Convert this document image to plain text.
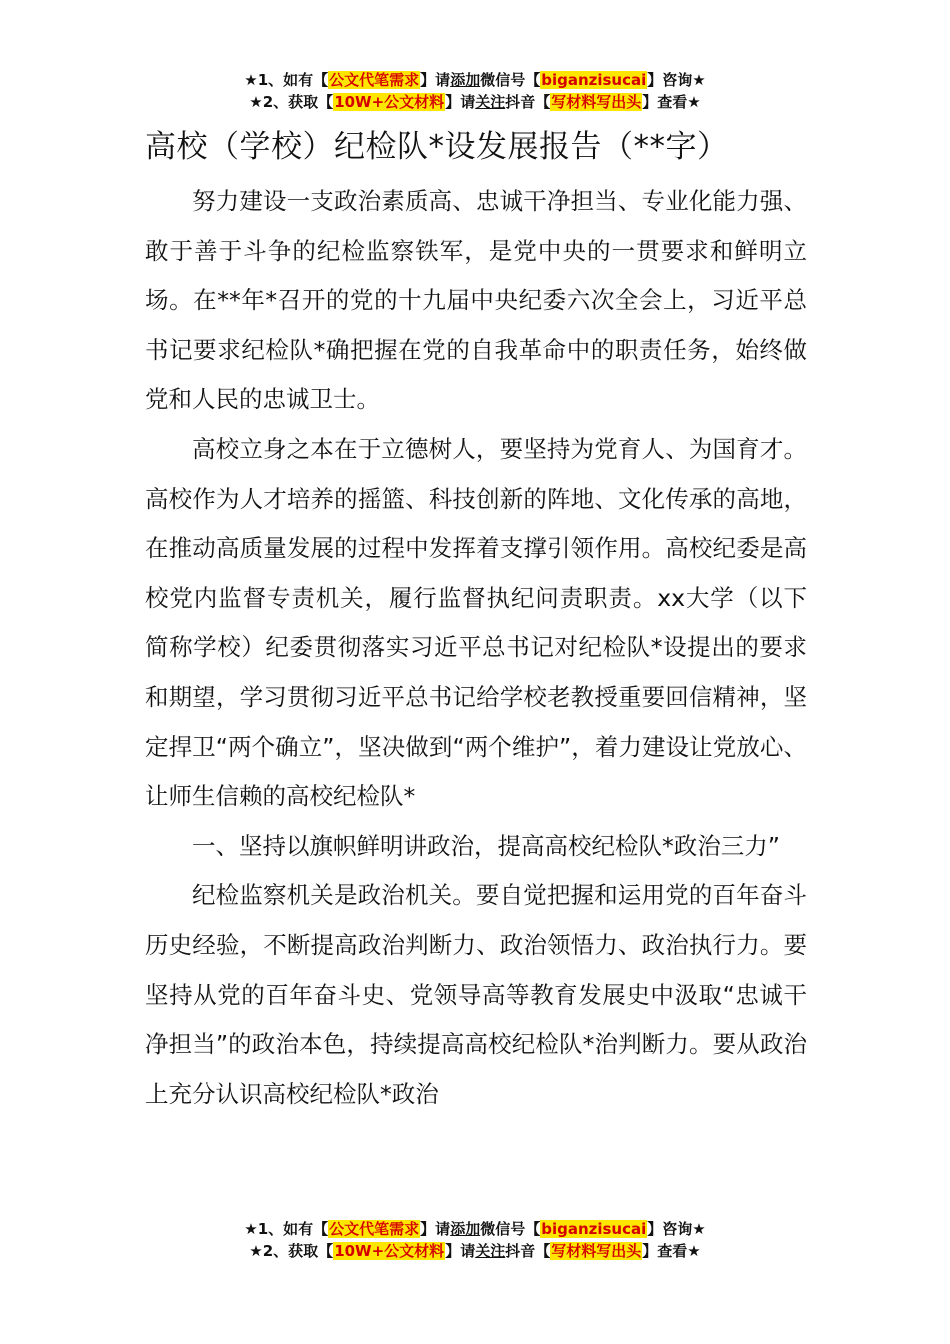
★1、如有【公文代笔需求】请添加微信号【biganzisucai】咨询★
★2、获取【10W+公文材料】请关注抖音【写材料写出头】查看★
高校（学校）纪检队*设发展报告（**字）

努力建设一支政治素质高、忠诚干净担当、专业化能力强、敢于善于斗争的纪检监察铁军，是党中央的一贯要求和鲜明立场。在**年*召开的党的十九届中央纪委六次全会上，习近平总书记要求纪检队*确把握在党的自我革命中的职责任务，始终做党和人民的忠诚卫士。

高校立身之本在于立德树人，要坚持为党育人、为国育才。高校作为人才培养的摇篮、科技创新的阵地、文化传承的高地，在推动高质量发展的过程中发挥着支撑引领作用。高校纪委是高校党内监督专责机关，履行监督执纪问责职责。xx大学（以下简称学校）纪委贯彻落实习近平总书记对纪检队*设提出的要求和期望，学习贯彻习近平总书记给学校老教授重要回信精神，坚定捍卫“两个确立”，坚决做到“两个维护”，着力建设让党放心、让师生信赖的高校纪检队*

一、坚持以旗帜鲜明讲政治，提高高校纪检队*政治三力”

纪检监察机关是政治机关。要自觉把握和运用党的百年奋斗历史经验，不断提高政治判断力、政治领悟力、政治执行力。要坚持从党的百年奋斗史、党领导高等教育发展史中汲取“忠诚干净担当”的政治本色，持续提高高校纪检队*治判断力。要从政治上充分认识高校纪检队*政治

★1、如有【公文代笔需求】请添加微信号【biganzisucai】咨询★
★2、获取【10W+公文材料】请关注抖音【写材料写出头】查看★
